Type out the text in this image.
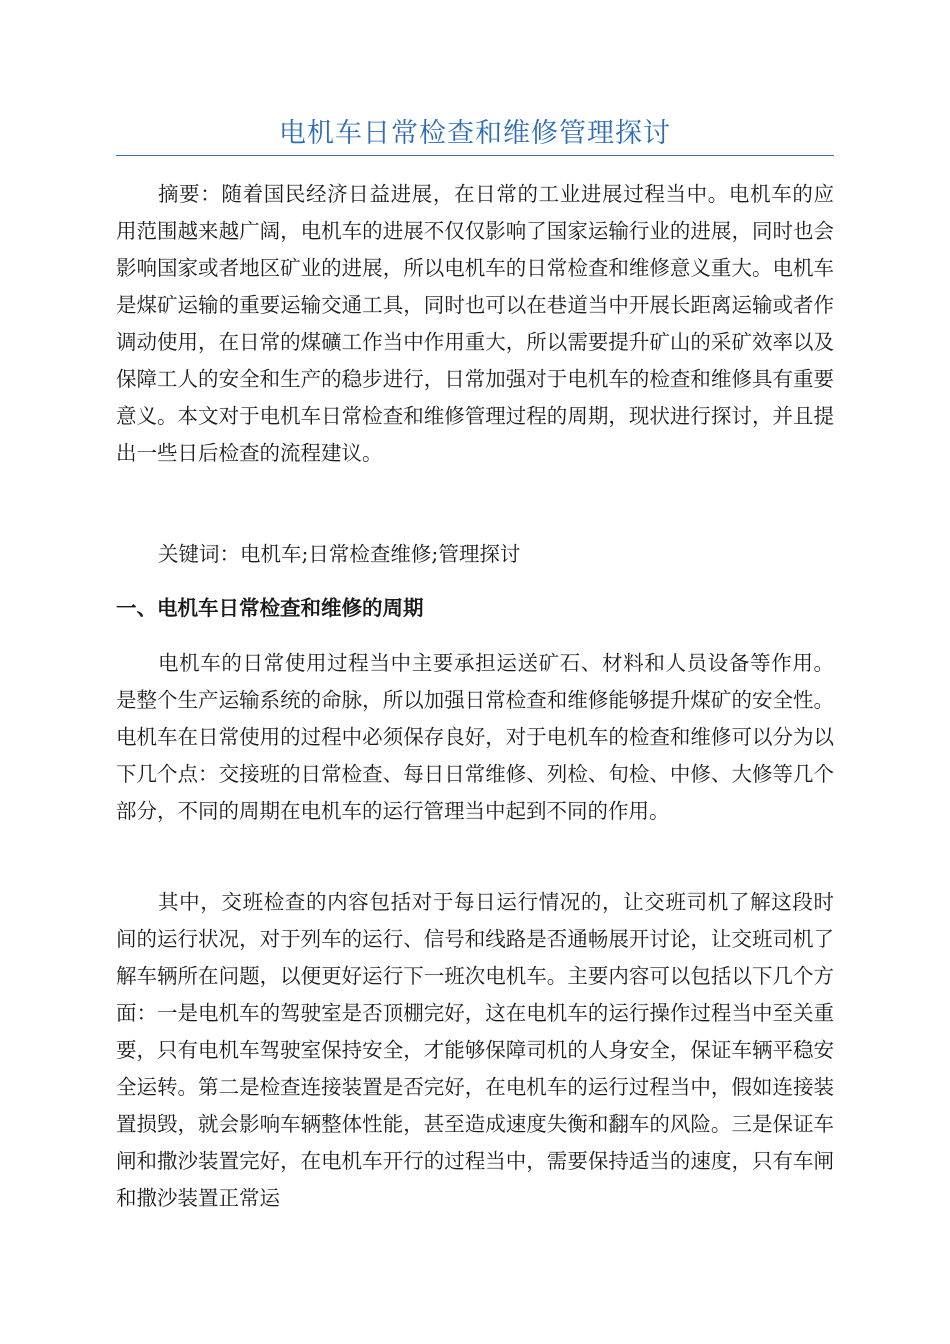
电机车日常检查和维修管理探讨

摘要：随着国民经济日益进展，在日常的工业进展过程当中。电机车的应用范围越来越广阔，电机车的进展不仅仅影响了国家运输行业的进展，同时也会影响国家或者地区矿业的进展，所以电机车的日常检查和维修意义重大。电机车是煤矿运输的重要运输交通工具，同时也可以在巷道当中开展长距离运输或者作调动使用，在日常的煤礦工作当中作用重大，所以需要提升矿山的采矿效率以及保障工人的安全和生产的稳步进行，日常加强对于电机车的检查和维修具有重要意义。本文对于电机车日常检查和维修管理过程的周期，现状进行探讨，并且提出一些日后检查的流程建议。

关键词：电机车;日常检查维修;管理探讨

一、电机车日常检查和维修的周期

电机车的日常使用过程当中主要承担运送矿石、材料和人员设备等作用。是整个生产运输系统的命脉，所以加强日常检查和维修能够提升煤矿的安全性。电机车在日常使用的过程中必须保存良好，对于电机车的检查和维修可以分为以下几个点：交接班的日常检查、每日日常维修、列检、旬检、中修、大修等几个部分，不同的周期在电机车的运行管理当中起到不同的作用。

其中，交班检查的内容包括对于每日运行情况的，让交班司机了解这段时间的运行状况，对于列车的运行、信号和线路是否通畅展开讨论，让交班司机了解车辆所在问题，以便更好运行下一班次电机车。主要内容可以包括以下几个方面：一是电机车的驾驶室是否顶棚完好，这在电机车的运行操作过程当中至关重要，只有电机车驾驶室保持安全，才能够保障司机的人身安全，保证车辆平稳安全运转。第二是检查连接装置是否完好，在电机车的运行过程当中，假如连接装置损毁，就会影响车辆整体性能，甚至造成速度失衡和翻车的风险。三是保证车闸和撒沙装置完好，在电机车开行的过程当中，需要保持适当的速度，只有车闸和撒沙装置正常运
